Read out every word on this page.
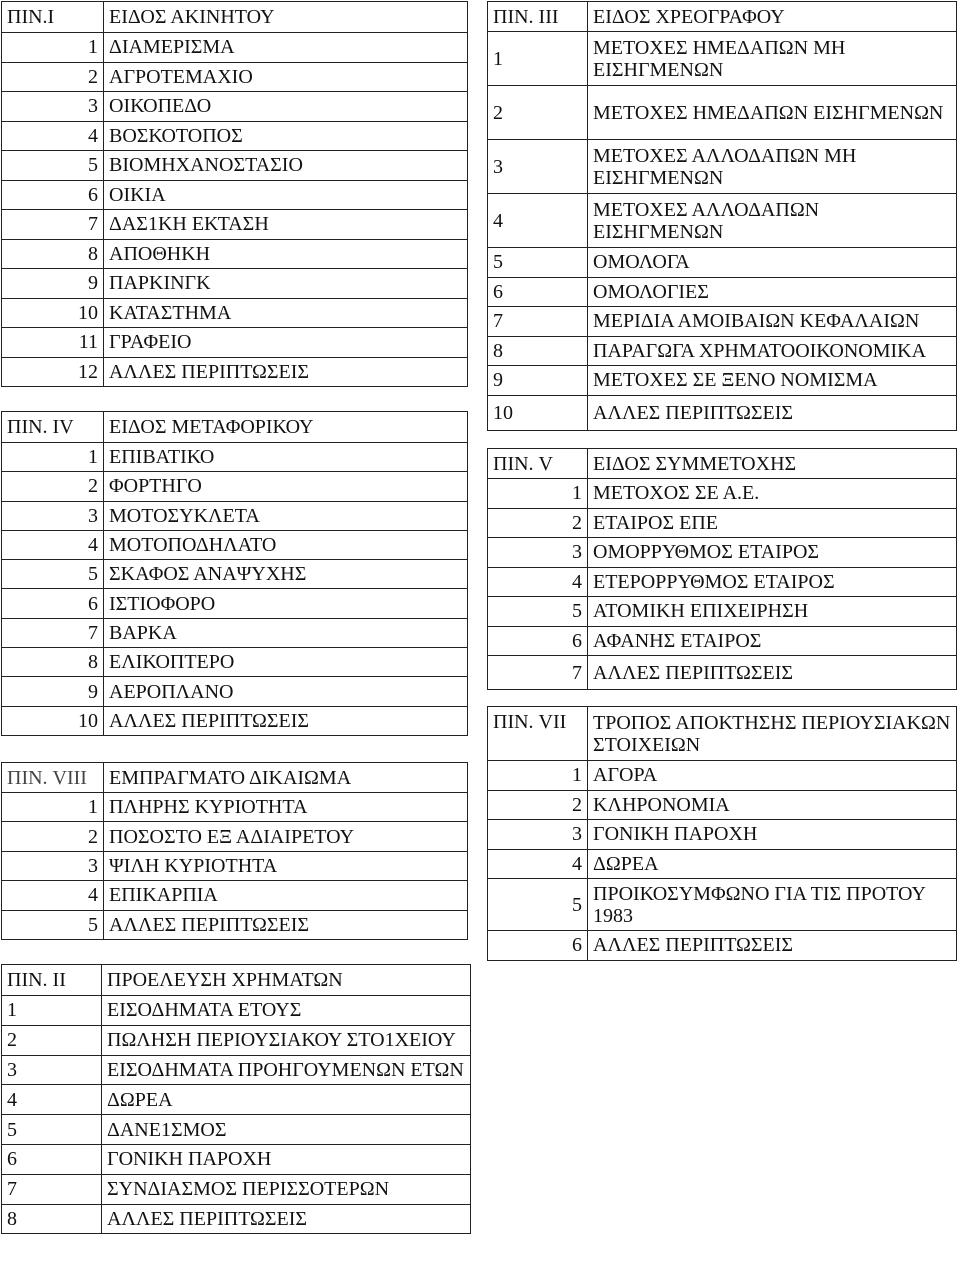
ΠΙΝ.Ι	ΕΙΔΟΣ ΑΚΙΝΗΤΟΥ
1	ΔΙΑΜΕΡΙΣΜΑ
2	ΑΓΡΟΤΕΜΑΧΙΟ
3	ΟΙΚΟΠΕΔΟ
4	ΒΟΣΚΟΤΟΠΟΣ
5	ΒΙΟΜΗΧΑΝΟΣΤΑΣΙΟ
6	ΟΙΚΙΑ
7	ΔΑΣ1ΚΗ ΕΚΤΑΣΗ
8	ΑΠΟΘΗΚΗ
9	ΠΑΡΚΙΝΓΚ
10	ΚΑΤΑΣΤΗΜΑ
11	ΓΡΑΦΕΙΟ
12	ΑΛΛΕΣ ΠΕΡΙΠΤΩΣΕΙΣ
ΠΙΝ. IV	ΕΙΔΟΣ ΜΕΤΑΦΟΡΙΚΟΥ
1	ΕΠΙΒΑΤΙΚΟ
2	ΦΟΡΤΗΓΟ
3	ΜΟΤΟΣΥΚΛΕΤΑ
4	ΜΟΤΟΠΟΔΗΛΑΤΟ
5	ΣΚΑΦΟΣ ΑΝΑΨΥΧΗΣ
6	ΙΣΤΙΟΦΟΡΟ
7	ΒΑΡΚΑ
8	ΕΛΙΚΟΠΤΕΡΟ
9	ΑΕΡΟΠΛΑΝΟ
10	ΑΛΛΕΣ ΠΕΡΙΠΤΩΣΕΙΣ
ΠΙΝ. VIII	ΕΜΠΡΑΓΜΑΤΟ ΔΙΚΑΙΩΜΑ
1	ΠΛΗΡΗΣ ΚΥΡΙΟΤΗΤΑ
2	ΠΟΣΟΣΤΟ ΕΞ ΑΔΙΑΙΡΕΤΟΥ
3	ΨΙΛΗ ΚΥΡΙΟΤΗΤΑ
4	ΕΠΙΚΑΡΠΙΑ
5	ΑΛΛΕΣ ΠΕΡΙΠΤΩΣΕΙΣ
ΠΙΝ. II	ΠΡΟΕΛΕΥΣΗ ΧΡΗΜΑΤΩΝ
1	ΕΙΣΟΔΗΜΑΤΑ ΕΤΟΥΣ
2	ΠΩΛΗΣΗ ΠΕΡΙΟΥΣΙΑΚΟΥ ΣΤΟ1ΧΕΙΟΥ
3	ΕΙΣΟΔΗΜΑΤΑ ΠΡΟΗΓΟΥΜΕΝΩΝ ΕΤΩΝ
4	ΔΩΡΕΑ
5	ΔΑΝΕ1ΣΜΟΣ
6	ΓΟΝΙΚΗ ΠΑΡΟΧΗ
7	ΣΥΝΔΙΑΣΜΟΣ ΠΕΡΙΣΣΟΤΕΡΩΝ
8	ΑΛΛΕΣ ΠΕΡΙΠΤΩΣΕΙΣ
ΠΙΝ. III	ΕΙΔΟΣ ΧΡΕΟΓΡΑΦΟΥ
1	ΜΕΤΟΧΕΣ ΗΜΕΔΑΠΩΝ ΜΗ ΕΙΣΗΓΜΕΝΩΝ
2	ΜΕΤΟΧΕΣ ΗΜΕΔΑΠΩΝ ΕΙΣΗΓΜΕΝΩΝ
3	ΜΕΤΟΧΕΣ ΑΛΛΟΔΑΠΩΝ ΜΗ ΕΙΣΗΓΜΕΝΩΝ
4	ΜΕΤΟΧΕΣ ΑΛΛΟΔΑΠΩΝ ΕΙΣΗΓΜΕΝΩΝ
5	ΟΜΟΛΟΓΑ
6	ΟΜΟΛΟΓΙΕΣ
7	ΜΕΡΙΔΙΑ ΑΜΟΙΒΑΙΩΝ ΚΕΦΑΛΑΙΩΝ
8	ΠΑΡΑΓΩΓΑ ΧΡΗΜΑΤΟΟΙΚΟΝΟΜΙΚΑ
9	ΜΕΤΟΧΕΣ ΣΕ ΞΕΝΟ ΝΟΜΙΣΜΑ
10	ΑΛΛΕΣ ΠΕΡΙΠΤΩΣΕΙΣ
ΠΙΝ. V	ΕΙΔΟΣ ΣΥΜΜΕΤΟΧΗΣ
1	ΜΕΤΟΧΟΣ ΣΕ Α.Ε.
2	ΕΤΑΙΡΟΣ ΕΠΕ
3	ΟΜΟΡΡΥΘΜΟΣ ΕΤΑΙΡΟΣ
4	ΕΤΕΡΟΡΡΥΘΜΟΣ ΕΤΑΙΡΟΣ
5	ΑΤΟΜΙΚΗ ΕΠΙΧΕΙΡΗΣΗ
6	ΑΦΑΝΗΣ ΕΤΑΙΡΟΣ
7	ΑΛΛΕΣ ΠΕΡΙΠΤΩΣΕΙΣ
ΠΙΝ. VII	ΤΡΟΠΟΣ ΑΠΟΚΤΗΣΗΣ ΠΕΡΙΟΥΣΙΑΚΩΝ ΣΤΟΙΧΕΙΩΝ
1	ΑΓΟΡΑ
2	ΚΛΗΡΟΝΟΜΙΑ
3	ΓΟΝΙΚΗ ΠΑΡΟΧΗ
4	ΔΩΡΕΑ
5	ΠΡΟΙΚΟΣΥΜΦΩΝΟ ΓΙΑ ΤΙΣ ΠΡΟΤΟΥ 1983
6	ΑΛΛΕΣ ΠΕΡΙΠΤΩΣΕΙΣ
